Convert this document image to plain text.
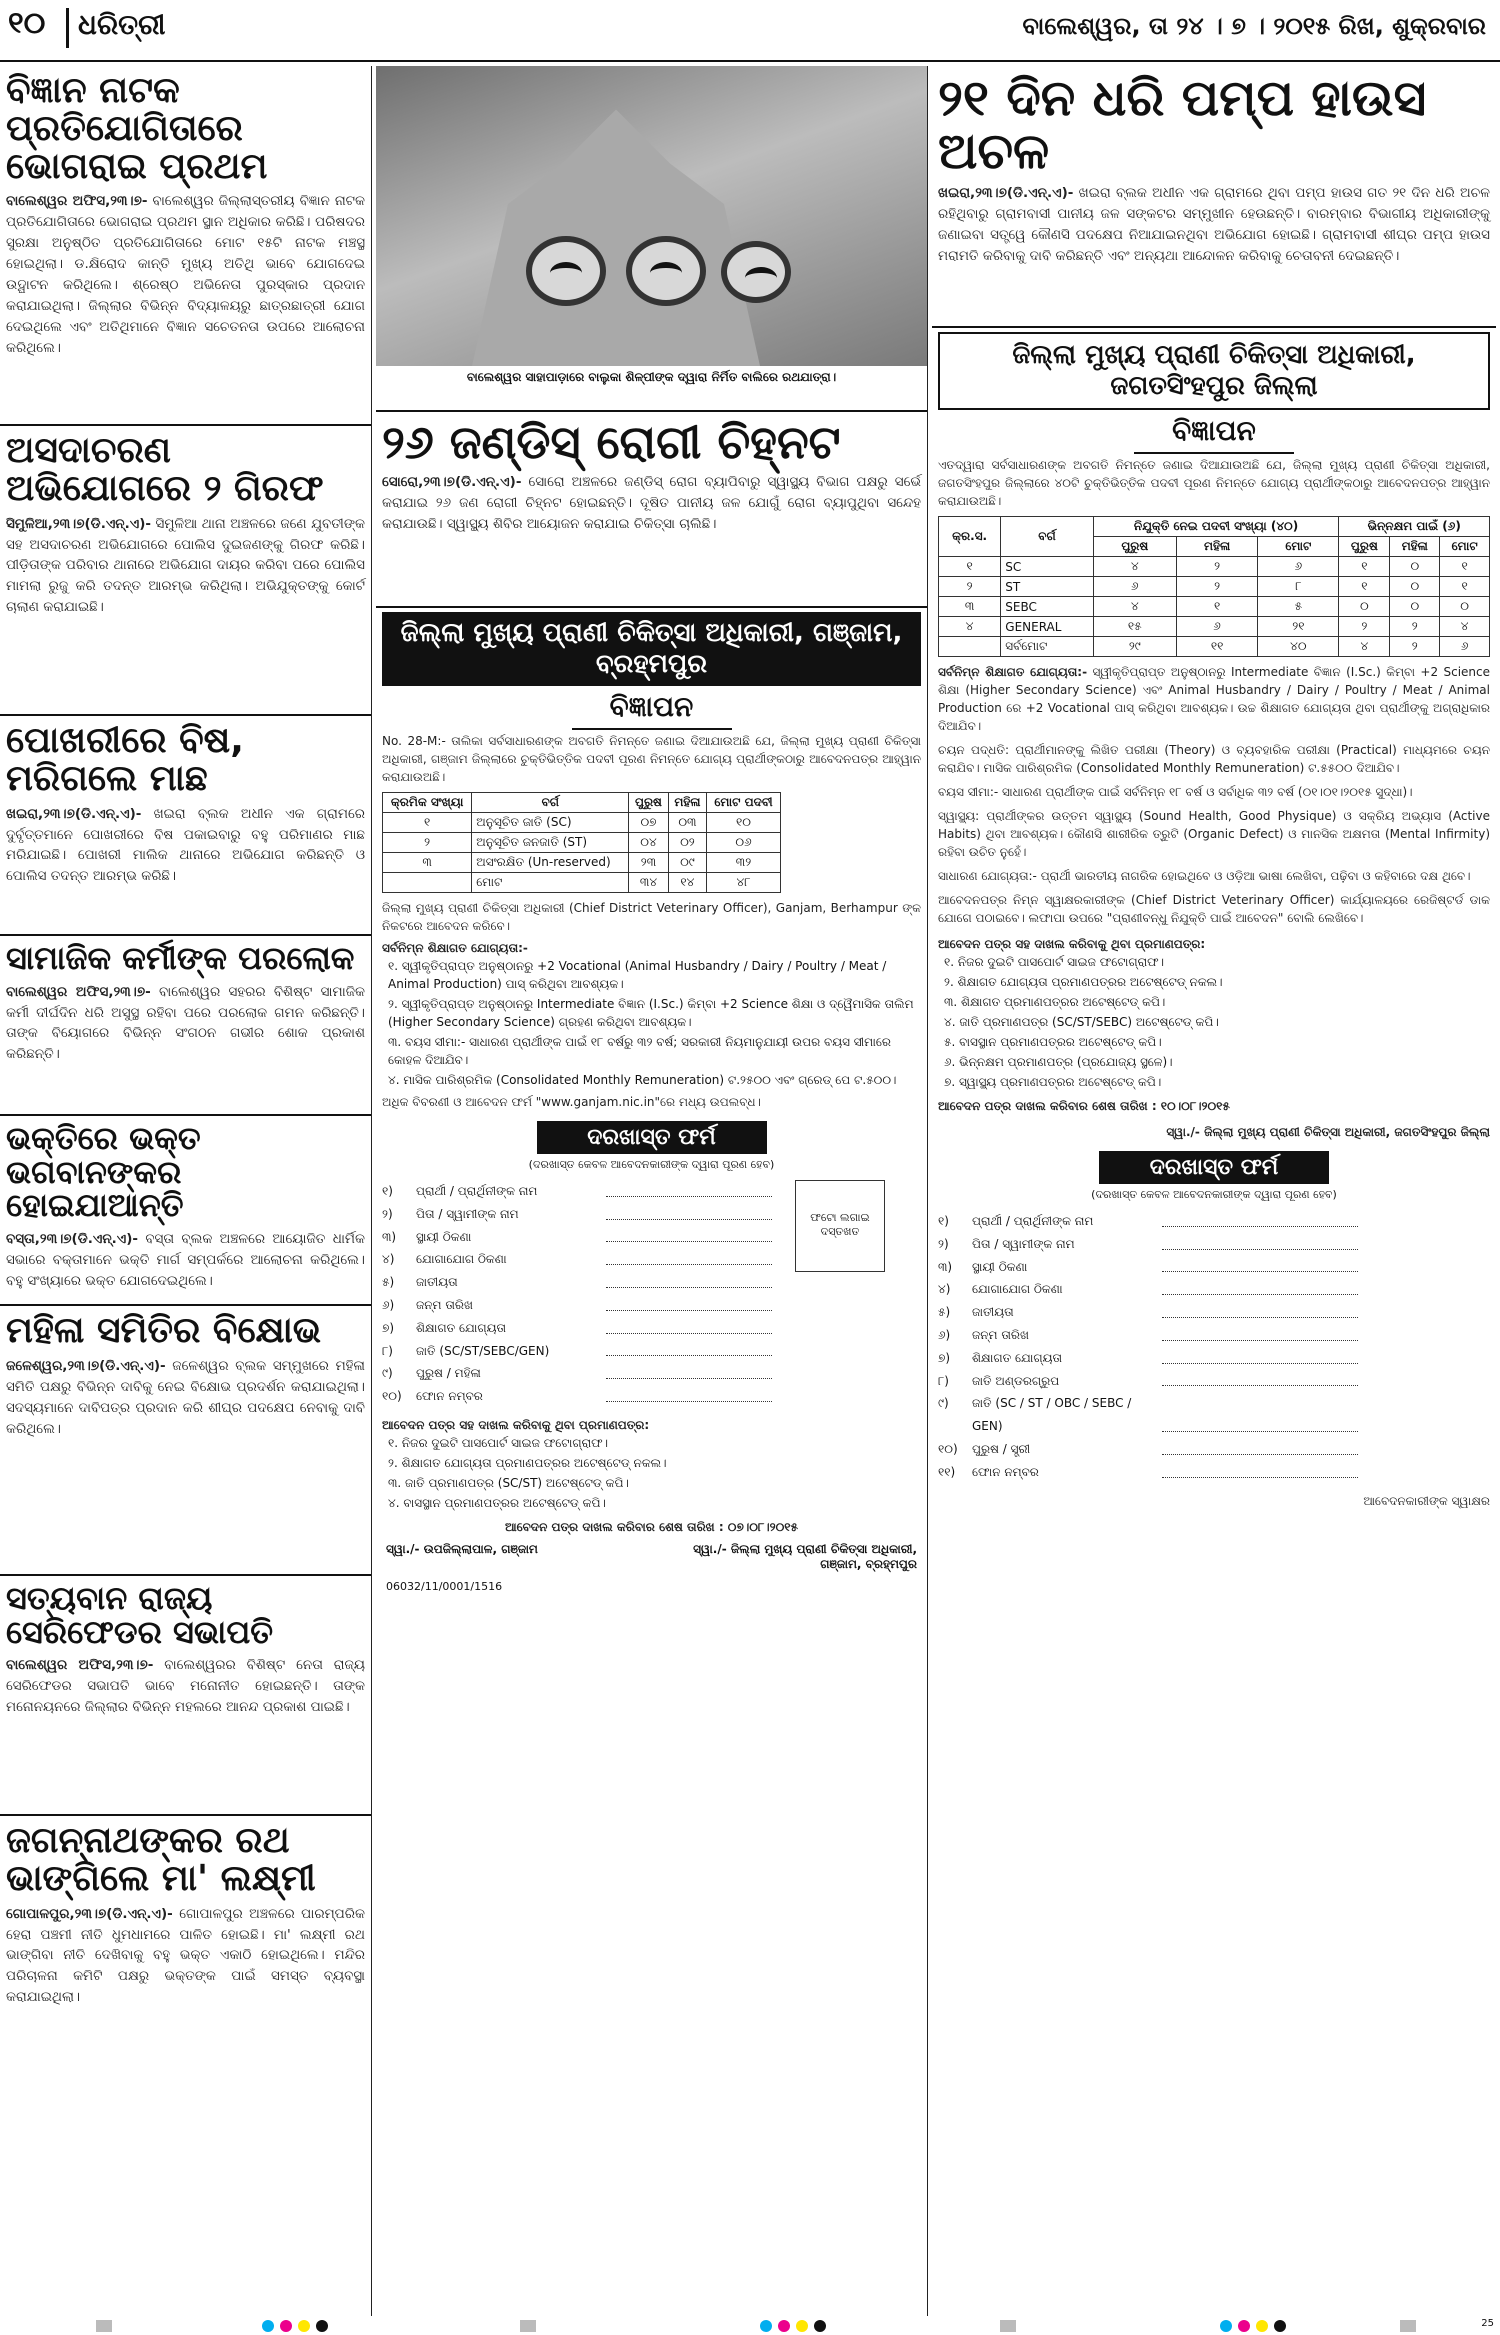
୧୦ ଧରିତ୍ରୀ	ବାଲେଶ୍ୱର, ତା ୨୪ । ୭ । ୨୦୧୫ ରିଖ, ଶୁକ୍ରବାର
ବିଜ୍ଞାନ ନାଟକ ପ୍ରତିଯୋଗିତାରେ ଭୋଗରାଇ ପ୍ରଥମ
ବାଲେଶ୍ୱର ଅଫିସ,୨୩।୭- ବାଲେଶ୍ୱର ଜିଲ୍ଲାସ୍ତରୀୟ ବିଜ୍ଞାନ ନାଟକ ପ୍ରତିଯୋଗିତାରେ ଭୋଗରାଇ ପ୍ରଥମ ସ୍ଥାନ ଅଧିକାର କରିଛି। ପରିଷଦର ସୁରକ୍ଷା ଅନୁଷ୍ଠିତ ପ୍ରତିଯୋଗିତାରେ ମୋଟ ୧୫ଟି ନାଟକ ମଞ୍ଚସ୍ଥ ହୋଇଥିଲା। ଡ.କ୍ଷିରୋଦ କାନ୍ତି ମୁଖ୍ୟ ଅତିଥି ଭାବେ ଯୋଗଦେଇ ଉଦ୍ଘାଟନ କରିଥିଲେ। ଶ୍ରେଷ୍ଠ ଅଭିନେତା ପୁରସ୍କାର ପ୍ରଦାନ କରାଯାଇଥିଲା। ଜିଲ୍ଲାର ବିଭିନ୍ନ ବିଦ୍ୟାଳୟରୁ ଛାତ୍ରଛାତ୍ରୀ ଯୋଗ ଦେଇଥିଲେ ଏବଂ ଅତିଥିମାନେ ବିଜ୍ଞାନ ସଚେତନତା ଉପରେ ଆଲୋଚନା କରିଥିଲେ।
ଅସଦାଚରଣ ଅଭିଯୋଗରେ ୨ ଗିରଫ
ସିମୁଳିଆ,୨୩।୭(ଡି.ଏନ୍.ଏ)- ସିମୁଳିଆ ଥାନା ଅଞ୍ଚଳରେ ଜଣେ ଯୁବତୀଙ୍କ ସହ ଅସଦାଚରଣ ଅଭିଯୋଗରେ ପୋଲିସ ଦୁଇଜଣଙ୍କୁ ଗିରଫ କରିଛି। ପୀଡ଼ିତାଙ୍କ ପରିବାର ଥାନାରେ ଅଭିଯୋଗ ଦାୟର କରିବା ପରେ ପୋଲିସ ମାମଲା ରୁଜୁ କରି ତଦନ୍ତ ଆରମ୍ଭ କରିଥିଲା। ଅଭିଯୁକ୍ତଙ୍କୁ କୋର୍ଟ ଚାଲାଣ କରାଯାଇଛି।
ପୋଖରୀରେ ବିଷ, ମରିଗଲେ ମାଛ
ଖଇରା,୨୩।୭(ଡି.ଏନ୍.ଏ)- ଖଇରା ବ୍ଲକ ଅଧୀନ ଏକ ଗ୍ରାମରେ ଦୁର୍ବୃତ୍ତମାନେ ପୋଖରୀରେ ବିଷ ପକାଇବାରୁ ବହୁ ପରିମାଣର ମାଛ ମରିଯାଇଛି। ପୋଖରୀ ମାଲିକ ଥାନାରେ ଅଭିଯୋଗ କରିଛନ୍ତି ଓ ପୋଲିସ ତଦନ୍ତ ଆରମ୍ଭ କରିଛି।
ସାମାଜିକ କର୍ମୀଙ୍କ ପରଲୋକ
ବାଲେଶ୍ୱର ଅଫିସ,୨୩।୭- ବାଲେଶ୍ୱର ସହରର ବିଶିଷ୍ଟ ସାମାଜିକ କର୍ମୀ ଦୀର୍ଘଦିନ ଧରି ଅସୁସ୍ଥ ରହିବା ପରେ ପରଲୋକ ଗମନ କରିଛନ୍ତି। ତାଙ୍କ ବିୟୋଗରେ ବିଭିନ୍ନ ସଂଗଠନ ଗଭୀର ଶୋକ ପ୍ରକାଶ କରିଛନ୍ତି।
ଭକ୍ତିରେ ଭକ୍ତ ଭଗବାନଙ୍କର ହୋଇଯାଆନ୍ତି
ବସ୍ତା,୨୩।୭(ଡି.ଏନ୍.ଏ)- ବସ୍ତା ବ୍ଲକ ଅଞ୍ଚଳରେ ଆୟୋଜିତ ଧାର୍ମିକ ସଭାରେ ବକ୍ତାମାନେ ଭକ୍ତି ମାର୍ଗ ସମ୍ପର୍କରେ ଆଲୋଚନା କରିଥିଲେ। ବହୁ ସଂଖ୍ୟାରେ ଭକ୍ତ ଯୋଗଦେଇଥିଲେ।
ମହିଳା ସମିତିର ବିକ୍ଷୋଭ
ଜଳେଶ୍ୱର,୨୩।୭(ଡି.ଏନ୍.ଏ)- ଜଳେଶ୍ୱର ବ୍ଲକ ସମ୍ମୁଖରେ ମହିଳା ସମିତି ପକ୍ଷରୁ ବିଭିନ୍ନ ଦାବିକୁ ନେଇ ବିକ୍ଷୋଭ ପ୍ରଦର୍ଶନ କରାଯାଇଥିଲା। ସଦସ୍ୟମାନେ ଦାବିପତ୍ର ପ୍ରଦାନ କରି ଶୀଘ୍ର ପଦକ୍ଷେପ ନେବାକୁ ଦାବି କରିଥିଲେ।
ସତ୍ୟବାନ ରାଜ୍ୟ ସେରିଫେଡର ସଭାପତି
ବାଲେଶ୍ୱର ଅଫିସ,୨୩।୭- ବାଲେଶ୍ୱରର ବିଶିଷ୍ଟ ନେତା ରାଜ୍ୟ ସେରିଫେଡର ସଭାପତି ଭାବେ ମନୋନୀତ ହୋଇଛନ୍ତି। ତାଙ୍କ ମନୋନୟନରେ ଜିଲ୍ଲାର ବିଭିନ୍ନ ମହଲରେ ଆନନ୍ଦ ପ୍ରକାଶ ପାଇଛି।
ଜଗନ୍ନାଥଙ୍କର ରଥ ଭାଙ୍ଗିଲେ ମା' ଲକ୍ଷ୍ମୀ
ଗୋପାଳପୁର,୨୩।୭(ଡି.ଏନ୍.ଏ)- ଗୋପାଳପୁର ଅଞ୍ଚଳରେ ପାରମ୍ପରିକ ହେରା ପଞ୍ଚମୀ ନୀତି ଧୁମଧାମରେ ପାଳିତ ହୋଇଛି। ମା' ଲକ୍ଷ୍ମୀ ରଥ ଭାଙ୍ଗିବା ନୀତି ଦେଖିବାକୁ ବହୁ ଭକ୍ତ ଏକାଠି ହୋଇଥିଲେ। ମନ୍ଦିର ପରିଚାଳନା କମିଟି ପକ୍ଷରୁ ଭକ୍ତଙ୍କ ପାଇଁ ସମସ୍ତ ବ୍ୟବସ୍ଥା କରାଯାଇଥିଲା।
ବାଲେଶ୍ୱର ସାହାପାଡ଼ାରେ ବାଲୁକା ଶିଳ୍ପୀଙ୍କ ଦ୍ୱାରା ନିର୍ମିତ ବାଲିରେ ରଥଯାତ୍ରା।
୨୬ ଜଣ୍ଡିସ୍ ରୋଗୀ ଚିହ୍ନଟ
ସୋରୋ,୨୩।୭(ଡି.ଏନ୍.ଏ)- ସୋରୋ ଅଞ୍ଚଳରେ ଜଣ୍ଡିସ୍ ରୋଗ ବ୍ୟାପିବାରୁ ସ୍ୱାସ୍ଥ୍ୟ ବିଭାଗ ପକ୍ଷରୁ ସର୍ଭେ କରାଯାଇ ୨୬ ଜଣ ରୋଗୀ ଚିହ୍ନଟ ହୋଇଛନ୍ତି। ଦୂଷିତ ପାନୀୟ ଜଳ ଯୋଗୁଁ ରୋଗ ବ୍ୟାପୁଥିବା ସନ୍ଦେହ କରାଯାଉଛି। ସ୍ୱାସ୍ଥ୍ୟ ଶିବିର ଆୟୋଜନ କରାଯାଇ ଚିକିତ୍ସା ଚାଲିଛି।
ଜିଲ୍ଲା ମୁଖ୍ୟ ପ୍ରାଣୀ ଚିକିତ୍ସା ଅଧିକାରୀ, ଗଞ୍ଜାମ, ବ୍ରହ୍ମପୁର
ବିଜ୍ଞାପନ
No. 28-M:- ତାଲିକା ସର୍ବସାଧାରଣଙ୍କ ଅବଗତି ନିମନ୍ତେ ଜଣାଇ ଦିଆଯାଉଅଛି ଯେ, ଜିଲ୍ଲା ମୁଖ୍ୟ ପ୍ରାଣୀ ଚିକିତ୍ସା ଅଧିକାରୀ, ଗଞ୍ଜାମ ଜିଲ୍ଲାରେ ଚୁକ୍ତିଭିତ୍ତିକ ପଦବୀ ପୂରଣ ନିମନ୍ତେ ଯୋଗ୍ୟ ପ୍ରାର୍ଥୀଙ୍କଠାରୁ ଆବେଦନପତ୍ର ଆହ୍ୱାନ କରାଯାଉଅଛି।
କ୍ରମିକ ସଂଖ୍ୟା	ବର୍ଗ	ପୁରୁଷ	ମହିଳା	ମୋଟ ପଦବୀ
୧	ଅନୁସୂଚିତ ଜାତି (SC)	୦୭	୦୩	୧୦
୨	ଅନୁସୂଚିତ ଜନଜାତି (ST)	୦୪	୦୨	୦୬
୩	ଅସଂରକ୍ଷିତ (Un-reserved)	୨୩	୦୯	୩୨
	ମୋଟ	୩୪	୧୪	୪୮
ଜିଲ୍ଲା ମୁଖ୍ୟ ପ୍ରାଣୀ ଚିକିତ୍ସା ଅଧିକାରୀ (Chief District Veterinary Officer), Ganjam, Berhampur ଙ୍କ ନିକଟରେ ଆବେଦନ କରିବେ।
ସର୍ବନିମ୍ନ ଶିକ୍ଷାଗତ ଯୋଗ୍ୟତା:-
୧. ସ୍ୱୀକୃତିପ୍ରାପ୍ତ ଅନୁଷ୍ଠାନରୁ +2 Vocational (Animal Husbandry / Dairy / Poultry / Meat / Animal Production) ପାସ୍ କରିଥିବା ଆବଶ୍ୟକ।
୨. ସ୍ୱୀକୃତିପ୍ରାପ୍ତ ଅନୁଷ୍ଠାନରୁ Intermediate ବିଜ୍ଞାନ (I.Sc.) କିମ୍ବା +2 Science ଶିକ୍ଷା ଓ ଦ୍ୱୈମାସିକ ତାଲିମ (Higher Secondary Science) ଗ୍ରହଣ କରିଥିବା ଆବଶ୍ୟକ।
୩. ବୟସ ସୀମା:- ସାଧାରଣ ପ୍ରାର୍ଥୀଙ୍କ ପାଇଁ ୧୮ ବର୍ଷରୁ ୩୨ ବର୍ଷ; ସରକାରୀ ନିୟମାନୁଯାୟୀ ଉପର ବୟସ ସୀମାରେ କୋହଳ ଦିଆଯିବ।
୪. ମାସିକ ପାରିଶ୍ରମିକ (Consolidated Monthly Remuneration) ଟ.୨୫୦୦ ଏବଂ ଗ୍ରେଡ୍ ପେ ଟ.୫୦୦।
ଅଧିକ ବିବରଣୀ ଓ ଆବେଦନ ଫର୍ମ "www.ganjam.nic.in"ରେ ମଧ୍ୟ ଉପଲବ୍ଧ।
ଦରଖାସ୍ତ ଫର୍ମ
(ଦରଖାସ୍ତ କେବଳ ଆବେଦନକାରୀଙ୍କ ଦ୍ୱାରା ପୂରଣ ହେବ)
ଫଟୋ ଲଗାଇ ଦସ୍ତଖତ
୧)	ପ୍ରାର୍ଥୀ / ପ୍ରାର୍ଥିନୀଙ୍କ ନାମ
୨)	ପିତା / ସ୍ୱାମୀଙ୍କ ନାମ
୩)	ସ୍ଥାୟୀ ଠିକଣା
୪)	ଯୋଗାଯୋଗ ଠିକଣା
୫)	ଜାତୀୟତା
୬)	ଜନ୍ମ ତାରିଖ
୭)	ଶିକ୍ଷାଗତ ଯୋଗ୍ୟତା
୮)	ଜାତି (SC/ST/SEBC/GEN)
୯)	ପୁରୁଷ / ମହିଳା
୧୦)	ଫୋନ ନମ୍ବର
ଆବେଦନ ପତ୍ର ସହ ଦାଖଲ କରିବାକୁ ଥିବା ପ୍ରମାଣପତ୍ର:
୧. ନିଜର ଦୁଇଟି ପାସପୋର୍ଟ ସାଇଜ ଫଟୋଗ୍ରାଫ।
୨. ଶିକ୍ଷାଗତ ଯୋଗ୍ୟତା ପ୍ରମାଣପତ୍ରର ଅଟେଷ୍ଟେଡ୍ ନକଲ।
୩. ଜାତି ପ୍ରମାଣପତ୍ର (SC/ST) ଅଟେଷ୍ଟେଡ୍ କପି।
୪. ବାସସ୍ଥାନ ପ୍ରମାଣପତ୍ରର ଅଟେଷ୍ଟେଡ୍ କପି।
ଆବେଦନ ପତ୍ର ଦାଖଲ କରିବାର ଶେଷ ତାରିଖ : ୦୭।୦୮।୨୦୧୫
ସ୍ୱା./- ଉପଜିଲ୍ଲାପାଳ, ଗଞ୍ଜାମ	ସ୍ୱା./- ଜିଲ୍ଲା ମୁଖ୍ୟ ପ୍ରାଣୀ ଚିକିତ୍ସା ଅଧିକାରୀ, ଗଞ୍ଜାମ, ବ୍ରହ୍ମପୁର
06032/11/0001/1516
୨୧ ଦିନ ଧରି ପମ୍ପ ହାଉସ ଅଚଳ
ଖଇରା,୨୩।୭(ଡି.ଏନ୍.ଏ)- ଖଇରା ବ୍ଲକ ଅଧୀନ ଏକ ଗ୍ରାମରେ ଥିବା ପମ୍ପ ହାଉସ ଗତ ୨୧ ଦିନ ଧରି ଅଚଳ ରହିଥିବାରୁ ଗ୍ରାମବାସୀ ପାନୀୟ ଜଳ ସଙ୍କଟର ସମ୍ମୁଖୀନ ହେଉଛନ୍ତି। ବାରମ୍ବାର ବିଭାଗୀୟ ଅଧିକାରୀଙ୍କୁ ଜଣାଇବା ସତ୍ତ୍ୱେ କୌଣସି ପଦକ୍ଷେପ ନିଆଯାଇନଥିବା ଅଭିଯୋଗ ହୋଇଛି। ଗ୍ରାମବାସୀ ଶୀଘ୍ର ପମ୍ପ ହାଉସ ମରାମତି କରିବାକୁ ଦାବି କରିଛନ୍ତି ଏବଂ ଅନ୍ୟଥା ଆନ୍ଦୋଳନ କରିବାକୁ ଚେତାବନୀ ଦେଇଛନ୍ତି।
ଜିଲ୍ଲା ମୁଖ୍ୟ ପ୍ରାଣୀ ଚିକିତ୍ସା ଅଧିକାରୀ, ଜଗତସିଂହପୁର ଜିଲ୍ଲା
ବିଜ୍ଞାପନ
ଏତଦ୍ୱାରା ସର୍ବସାଧାରଣଙ୍କ ଅବଗତି ନିମନ୍ତେ ଜଣାଇ ଦିଆଯାଉଅଛି ଯେ, ଜିଲ୍ଲା ମୁଖ୍ୟ ପ୍ରାଣୀ ଚିକିତ୍ସା ଅଧିକାରୀ, ଜଗତସିଂହପୁର ଜିଲ୍ଲାରେ ୪୦ଟି ଚୁକ୍ତିଭିତ୍ତିକ ପଦବୀ ପୂରଣ ନିମନ୍ତେ ଯୋଗ୍ୟ ପ୍ରାର୍ଥୀଙ୍କଠାରୁ ଆବେଦନପତ୍ର ଆହ୍ୱାନ କରାଯାଉଅଛି।
କ୍ର.ସ.	ବର୍ଗ	ନିଯୁକ୍ତି ନେଇ ପଦବୀ ସଂଖ୍ୟା (୪୦)			ଭିନ୍ନକ୍ଷମ ପାଇଁ (୬)		
		ପୁରୁଷ	ମହିଳା	ମୋଟ	ପୁରୁଷ	ମହିଳା	ମୋଟ
୧	SC	୪	୨	୬	୧	୦	୧
୨	ST	୬	୨	୮	୧	୦	୧
୩	SEBC	୪	୧	୫	୦	୦	୦
୪	GENERAL	୧୫	୬	୨୧	୨	୨	୪
	ସର୍ବମୋଟ	୨୯	୧୧	୪୦	୪	୨	୬
ସର୍ବନିମ୍ନ ଶିକ୍ଷାଗତ ଯୋଗ୍ୟତା:- ସ୍ୱୀକୃତିପ୍ରାପ୍ତ ଅନୁଷ୍ଠାନରୁ Intermediate ବିଜ୍ଞାନ (I.Sc.) କିମ୍ବା +2 Science ଶିକ୍ଷା (Higher Secondary Science) ଏବଂ Animal Husbandry / Dairy / Poultry / Meat / Animal Production ରେ +2 Vocational ପାସ୍ କରିଥିବା ଆବଶ୍ୟକ। ଉଚ୍ଚ ଶିକ୍ଷାଗତ ଯୋଗ୍ୟତା ଥିବା ପ୍ରାର୍ଥୀଙ୍କୁ ଅଗ୍ରାଧିକାର ଦିଆଯିବ।
ଚୟନ ପଦ୍ଧତି: ପ୍ରାର୍ଥୀମାନଙ୍କୁ ଲିଖିତ ପରୀକ୍ଷା (Theory) ଓ ବ୍ୟବହାରିକ ପରୀକ୍ଷା (Practical) ମାଧ୍ୟମରେ ଚୟନ କରାଯିବ। ମାସିକ ପାରିଶ୍ରମିକ (Consolidated Monthly Remuneration) ଟ.୫୫୦୦ ଦିଆଯିବ।
ବୟସ ସୀମା:- ସାଧାରଣ ପ୍ରାର୍ଥୀଙ୍କ ପାଇଁ ସର୍ବନିମ୍ନ ୧୮ ବର୍ଷ ଓ ସର୍ବାଧିକ ୩୨ ବର୍ଷ (୦୧।୦୧।୨୦୧୫ ସୁଦ୍ଧା)।
ସ୍ୱାସ୍ଥ୍ୟ: ପ୍ରାର୍ଥୀଙ୍କର ଉତ୍ତମ ସ୍ୱାସ୍ଥ୍ୟ (Sound Health, Good Physique) ଓ ସକ୍ରିୟ ଅଭ୍ୟାସ (Active Habits) ଥିବା ଆବଶ୍ୟକ। କୌଣସି ଶାରୀରିକ ତ୍ରୁଟି (Organic Defect) ଓ ମାନସିକ ଅକ୍ଷମତା (Mental Infirmity) ରହିବା ଉଚିତ ନୁହେଁ।
ସାଧାରଣ ଯୋଗ୍ୟତା:- ପ୍ରାର୍ଥୀ ଭାରତୀୟ ନାଗରିକ ହୋଇଥିବେ ଓ ଓଡ଼ିଆ ଭାଷା ଲେଖିବା, ପଢ଼ିବା ଓ କହିବାରେ ଦକ୍ଷ ଥିବେ।
ଆବେଦନପତ୍ର ନିମ୍ନ ସ୍ୱାକ୍ଷରକାରୀଙ୍କ (Chief District Veterinary Officer) କାର୍ଯ୍ୟାଳୟରେ ରେଜିଷ୍ଟର୍ଡ ଡାକ ଯୋଗେ ପଠାଇବେ। ଲଫାପା ଉପରେ "ପ୍ରାଣୀବନ୍ଧୁ ନିଯୁକ୍ତି ପାଇଁ ଆବେଦନ" ବୋଲି ଲେଖିବେ।
ଆବେଦନ ପତ୍ର ସହ ଦାଖଲ କରିବାକୁ ଥିବା ପ୍ରମାଣପତ୍ର:
୧. ନିଜର ଦୁଇଟି ପାସପୋର୍ଟ ସାଇଜ ଫଟୋଗ୍ରାଫ।
୨. ଶିକ୍ଷାଗତ ଯୋଗ୍ୟତା ପ୍ରମାଣପତ୍ରର ଅଟେଷ୍ଟେଡ୍ ନକଲ।
୩. ଶିକ୍ଷାଗତ ପ୍ରମାଣପତ୍ରର ଅଟେଷ୍ଟେଡ୍ କପି।
୪. ଜାତି ପ୍ରମାଣପତ୍ର (SC/ST/SEBC) ଅଟେଷ୍ଟେଡ୍ କପି।
୫. ବାସସ୍ଥାନ ପ୍ରମାଣପତ୍ରର ଅଟେଷ୍ଟେଡ୍ କପି।
୬. ଭିନ୍ନକ୍ଷମ ପ୍ରମାଣପତ୍ର (ପ୍ରଯୋଜ୍ୟ ସ୍ଥଳେ)।
୭. ସ୍ୱାସ୍ଥ୍ୟ ପ୍ରମାଣପତ୍ରର ଅଟେଷ୍ଟେଡ୍ କପି।
ଆବେଦନ ପତ୍ର ଦାଖଲ କରିବାର ଶେଷ ତାରିଖ : ୧୦।୦୮।୨୦୧୫
ସ୍ୱା./- ଜିଲ୍ଲା ମୁଖ୍ୟ ପ୍ରାଣୀ ଚିକିତ୍ସା ଅଧିକାରୀ, ଜଗତସିଂହପୁର ଜିଲ୍ଲା
ଦରଖାସ୍ତ ଫର୍ମ
(ଦରଖାସ୍ତ କେବଳ ଆବେଦନକାରୀଙ୍କ ଦ୍ୱାରା ପୂରଣ ହେବ)
୧)	ପ୍ରାର୍ଥୀ / ପ୍ରାର୍ଥିନୀଙ୍କ ନାମ
୨)	ପିତା / ସ୍ୱାମୀଙ୍କ ନାମ
୩)	ସ୍ଥାୟୀ ଠିକଣା
୪)	ଯୋଗାଯୋଗ ଠିକଣା
୫)	ଜାତୀୟତା
୬)	ଜନ୍ମ ତାରିଖ
୭)	ଶିକ୍ଷାଗତ ଯୋଗ୍ୟତା
୮)	ଜାତି ଅଣ୍ଡରଗ୍ରୁପ
୯)	ଜାତି (SC / ST / OBC / SEBC / GEN)
୧୦)	ପୁରୁଷ / ସ୍ତ୍ରୀ
୧୧)	ଫୋନ ନମ୍ବର
ଆବେଦନକାରୀଙ୍କ ସ୍ୱାକ୍ଷର
25
